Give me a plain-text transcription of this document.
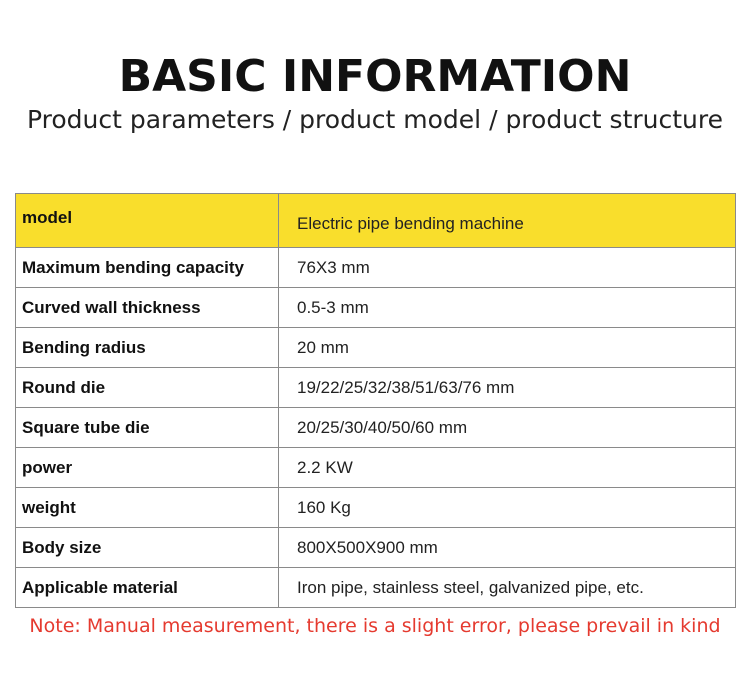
BASIC INFORMATION
Product parameters / product model / product structure
model	Electric pipe bending machine
Maximum bending capacity	76X3 mm
Curved wall thickness	0.5-3 mm
Bending radius	20 mm
Round die	19/22/25/32/38/51/63/76 mm
Square tube die	20/25/30/40/50/60 mm
power	2.2 KW
weight	160 Kg
Body size	800X500X900 mm
Applicable material	Iron pipe, stainless steel, galvanized pipe, etc.
Note: Manual measurement, there is a slight error, please prevail in kind
